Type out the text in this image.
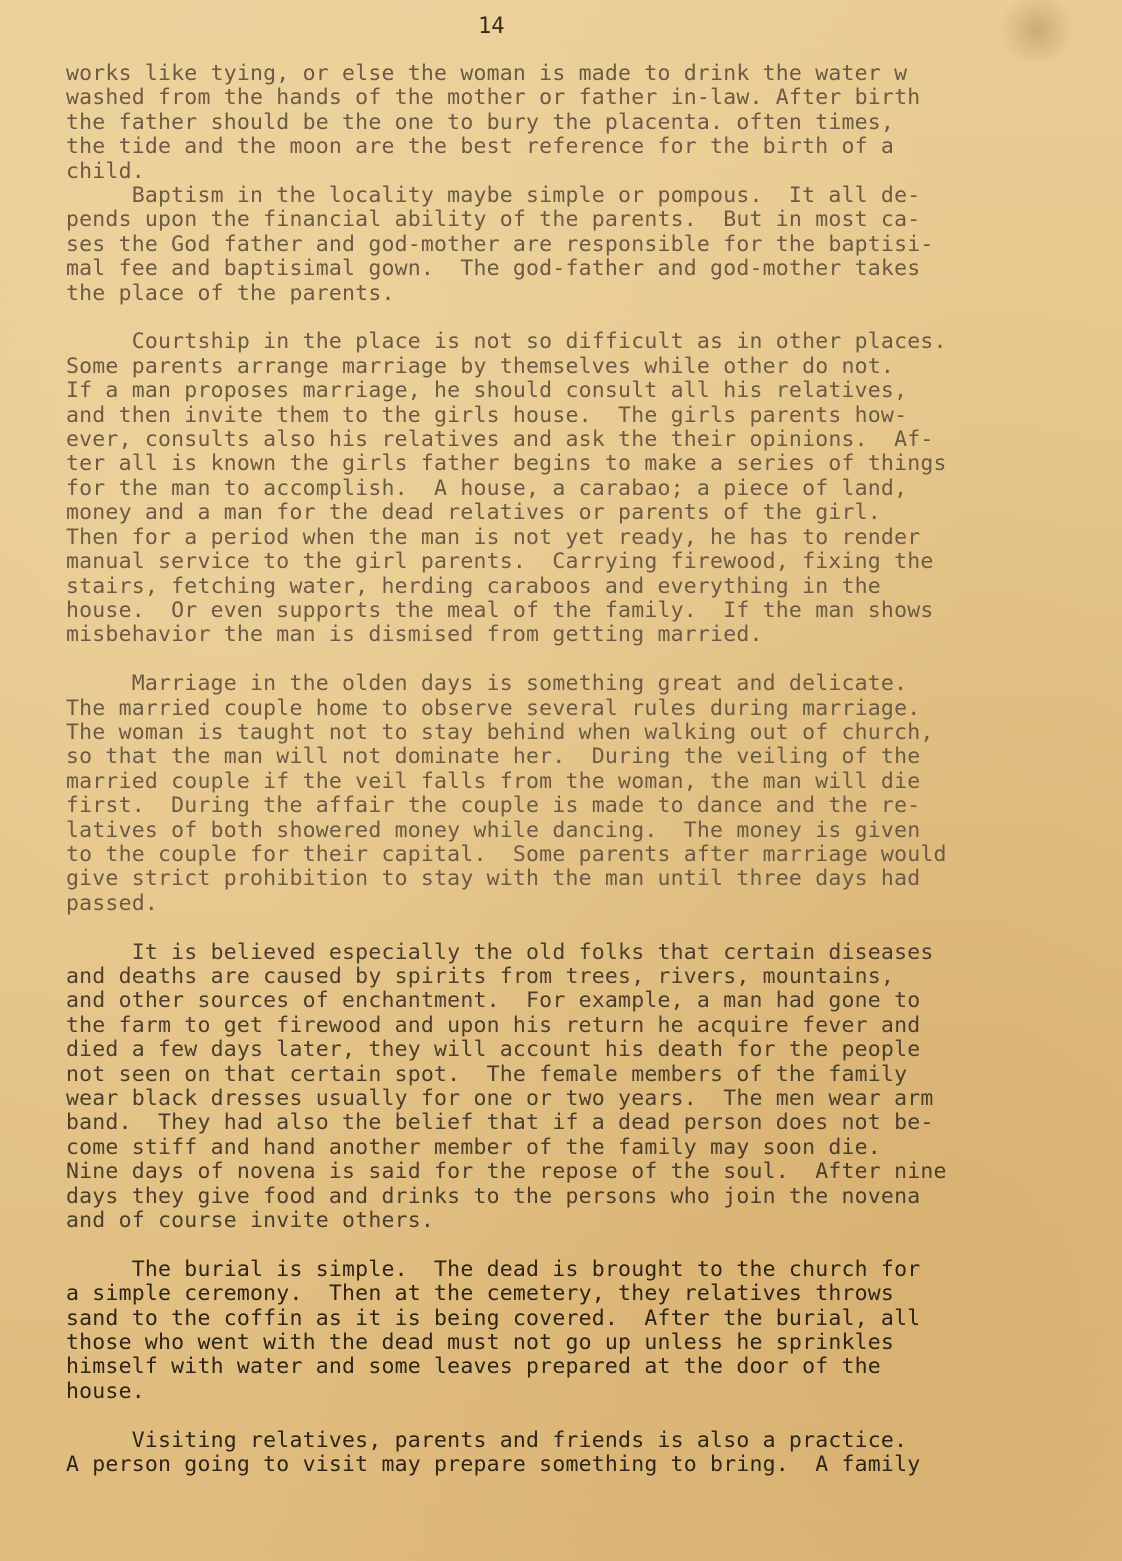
14

works like tying, or else the woman is made to drink the water w
washed from the hands of the mother or father in-law. After birth
the father should be the one to bury the placenta. often times,
the tide and the moon are the best reference for the birth of a
child.
Baptism in the locality maybe simple or pompous.  It all de-
pends upon the financial ability of the parents.  But in most ca-
ses the God father and god-mother are responsible for the baptisi-
mal fee and baptisimal gown.  The god-father and god-mother takes
the place of the parents.

Courtship in the place is not so difficult as in other places.
Some parents arrange marriage by themselves while other do not.
If a man proposes marriage, he should consult all his relatives,
and then invite them to the girls house.  The girls parents how-
ever, consults also his relatives and ask the their opinions.  Af-
ter all is known the girls father begins to make a series of things
for the man to accomplish.  A house, a carabao; a piece of land,
money and a man for the dead relatives or parents of the girl.
Then for a period when the man is not yet ready, he has to render
manual service to the girl parents.  Carrying firewood, fixing the
stairs, fetching water, herding caraboos and everything in the
house.  Or even supports the meal of the family.  If the man shows
misbehavior the man is dismised from getting married.

Marriage in the olden days is something great and delicate.
The married couple home to observe several rules during marriage.
The woman is taught not to stay behind when walking out of church,
so that the man will not dominate her.  During the veiling of the
married couple if the veil falls from the woman, the man will die
first.  During the affair the couple is made to dance and the re-
latives of both showered money while dancing.  The money is given
to the couple for their capital.  Some parents after marriage would
give strict prohibition to stay with the man until three days had
passed.

It is believed especially the old folks that certain diseases
and deaths are caused by spirits from trees, rivers, mountains,
and other sources of enchantment.  For example, a man had gone to
the farm to get firewood and upon his return he acquire fever and
died a few days later, they will account his death for the people
not seen on that certain spot.  The female members of the family
wear black dresses usually for one or two years.  The men wear arm
band.  They had also the belief that if a dead person does not be-
come stiff and hand another member of the family may soon die.
Nine days of novena is said for the repose of the soul.  After nine
days they give food and drinks to the persons who join the novena
and of course invite others.

The burial is simple.  The dead is brought to the church for
a simple ceremony.  Then at the cemetery, they relatives throws
sand to the coffin as it is being covered.  After the burial, all
those who went with the dead must not go up unless he sprinkles
himself with water and some leaves prepared at the door of the
house.

Visiting relatives, parents and friends is also a practice.
A person going to visit may prepare something to bring.  A family
